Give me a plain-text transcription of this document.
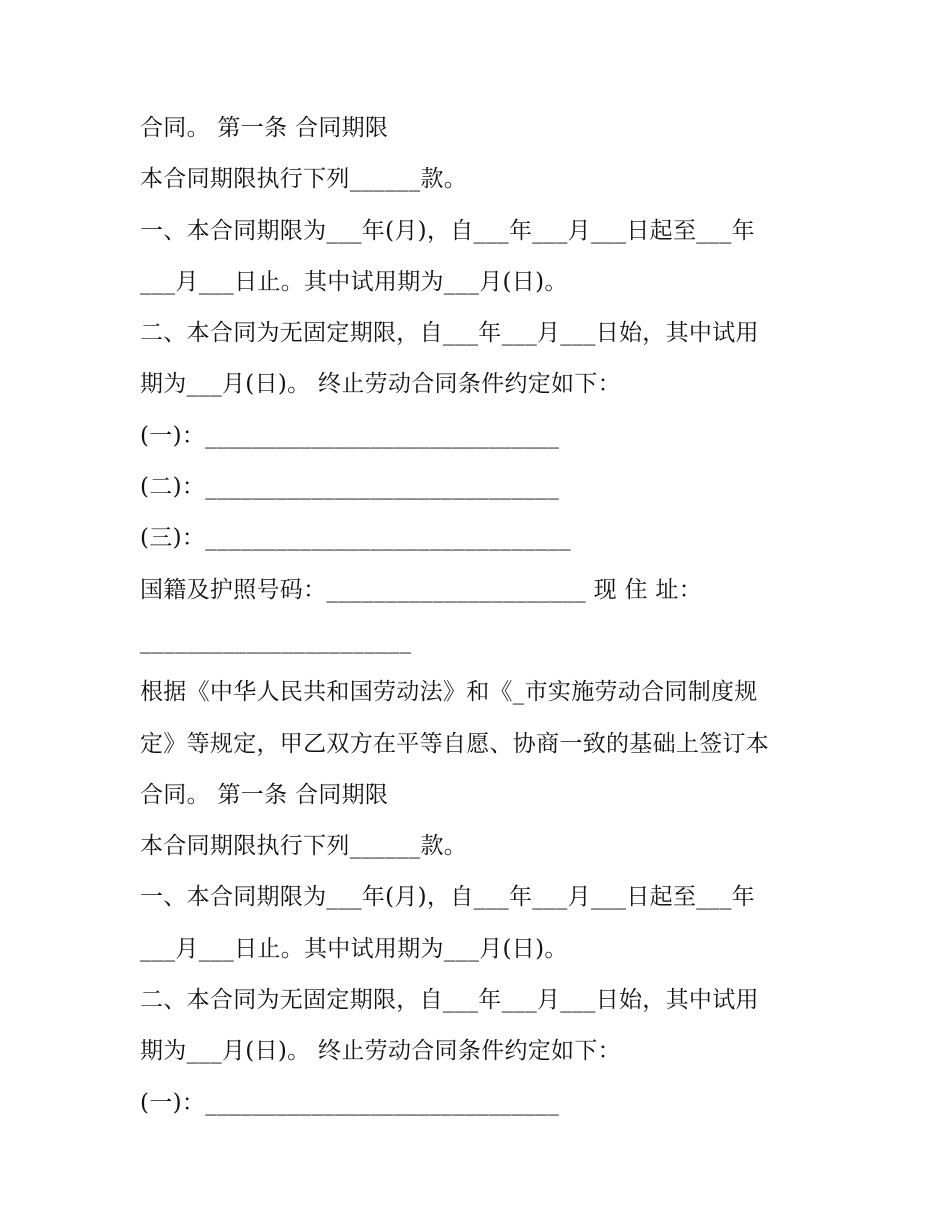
合同。 第一条 合同期限
本合同期限执行下列______款。
一、本合同期限为___年(月)，自___年___月___日起至___年
___月___日止。其中试用期为___月(日)。
二、本合同为无固定期限，自___年___月___日始，其中试用
期为___月(日)。 终止劳动合同条件约定如下：
(一)：______________________________
(二)：______________________________
(三)：_______________________________
国籍及护照号码：______________________ 现 住 址：
_______________________
根据《中华人民共和国劳动法》和《_市实施劳动合同制度规
定》等规定，甲乙双方在平等自愿、协商一致的基础上签订本
合同。 第一条 合同期限
本合同期限执行下列______款。
一、本合同期限为___年(月)，自___年___月___日起至___年
___月___日止。其中试用期为___月(日)。
二、本合同为无固定期限，自___年___月___日始，其中试用
期为___月(日)。 终止劳动合同条件约定如下：
(一)：______________________________
